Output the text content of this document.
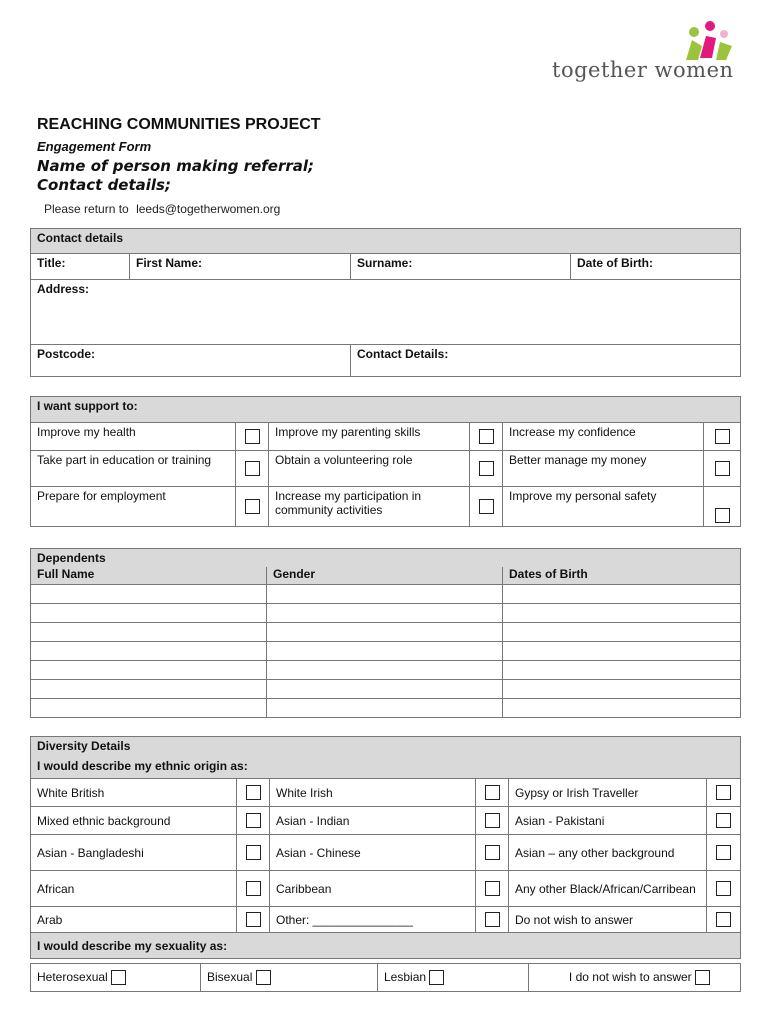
together women
REACHING COMMUNITIES PROJECT
Engagement Form
Name of person making referral;
Contact details;
Please return to leeds@togetherwomen.org
Contact details			
Title:	First Name:	Surname:	Date of Birth:
Address:			
Postcode:		Contact Details:	
I want support to:					
Improve my health		Improve my parenting skills		Increase my confidence	
Take part in education or training		Obtain a volunteering role		Better manage my money	
Prepare for employment		Increase my participation in community activities		Improve my personal safety	
Dependents		
Full Name	Gender	Dates of Birth

Diversity Details					
I would describe my ethnic origin as:					
White British		White Irish		Gypsy or Irish Traveller	
Mixed ethnic background		Asian - Indian		Asian - Pakistani	
Asian - Bangladeshi		Asian - Chinese		Asian – any other background	
African		Caribbean		Any other Black/African/Carribean	
Arab		Other: _______________		Do not wish to answer	
I would describe my sexuality as:					
Heterosexual	Bisexual	Lesbian	I do not wish to answer
